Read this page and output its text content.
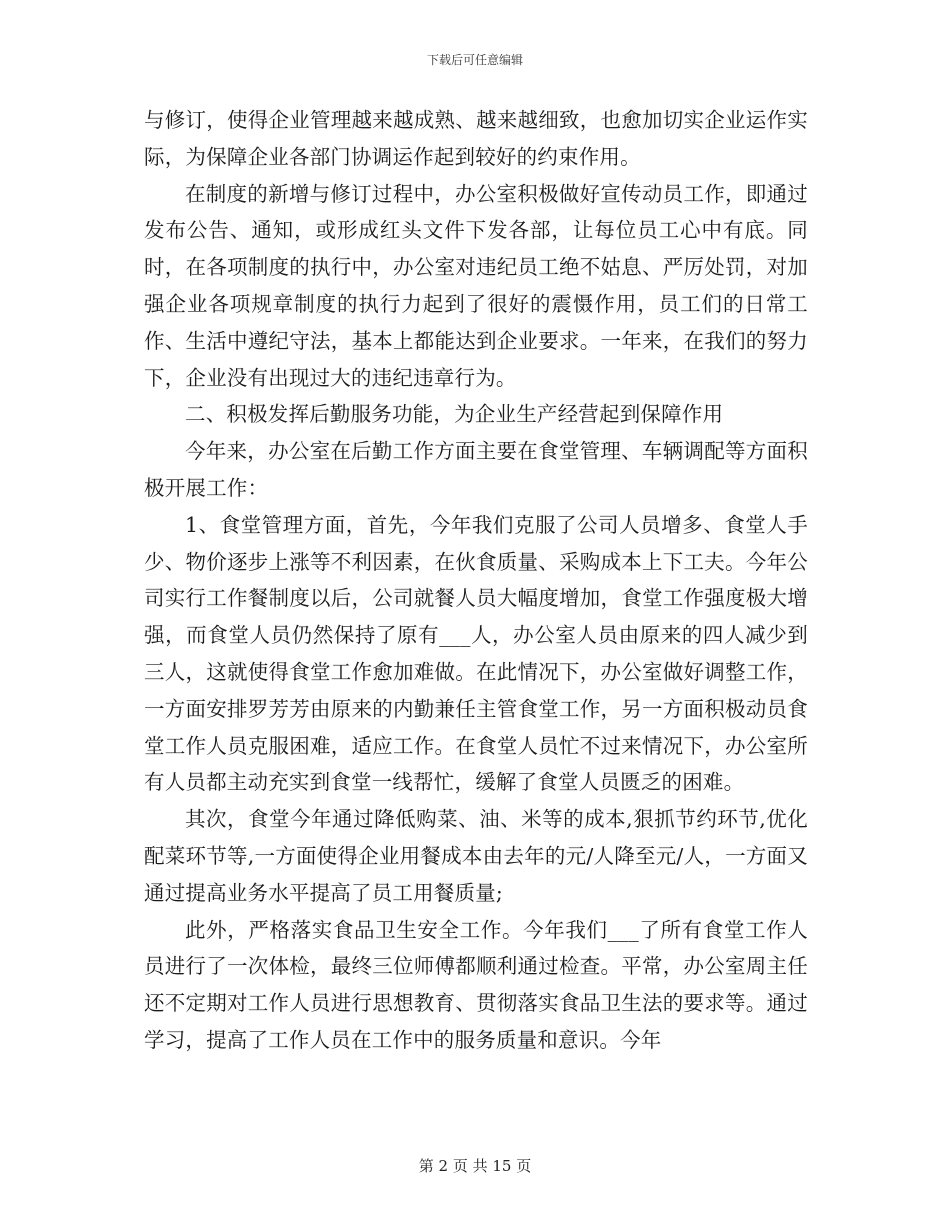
下载后可任意编辑

与修订，使得企业管理越来越成熟、越来越细致，也愈加切实企业运作实际，为保障企业各部门协调运作起到较好的约束作用。

在制度的新增与修订过程中，办公室积极做好宣传动员工作，即通过发布公告、通知，或形成红头文件下发各部，让每位员工心中有底。同时，在各项制度的执行中，办公室对违纪员工绝不姑息、严厉处罚，对加强企业各项规章制度的执行力起到了很好的震慑作用，员工们的日常工作、生活中遵纪守法，基本上都能达到企业要求。一年来，在我们的努力下，企业没有出现过大的违纪违章行为。

二、积极发挥后勤服务功能，为企业生产经营起到保障作用

今年来，办公室在后勤工作方面主要在食堂管理、车辆调配等方面积极开展工作：

1、食堂管理方面，首先，今年我们克服了公司人员增多、食堂人手少、物价逐步上涨等不利因素，在伙食质量、采购成本上下工夫。今年公司实行工作餐制度以后，公司就餐人员大幅度增加，食堂工作强度极大增强，而食堂人员仍然保持了原有___人，办公室人员由原来的四人减少到三人，这就使得食堂工作愈加难做。在此情况下，办公室做好调整工作，一方面安排罗芳芳由原来的内勤兼任主管食堂工作，另一方面积极动员食堂工作人员克服困难，适应工作。在食堂人员忙不过来情况下，办公室所有人员都主动充实到食堂一线帮忙，缓解了食堂人员匮乏的困难。

其次，食堂今年通过降低购菜、油、米等的成本,狠抓节约环节,优化配菜环节等,一方面使得企业用餐成本由去年的元/人降至元/人，一方面又通过提高业务水平提高了员工用餐质量;

此外，严格落实食品卫生安全工作。今年我们___了所有食堂工作人员进行了一次体检，最终三位师傅都顺利通过检查。平常，办公室周主任还不定期对工作人员进行思想教育、贯彻落实食品卫生法的要求等。通过学习，提高了工作人员在工作中的服务质量和意识。今年

第 2 页 共 15 页
